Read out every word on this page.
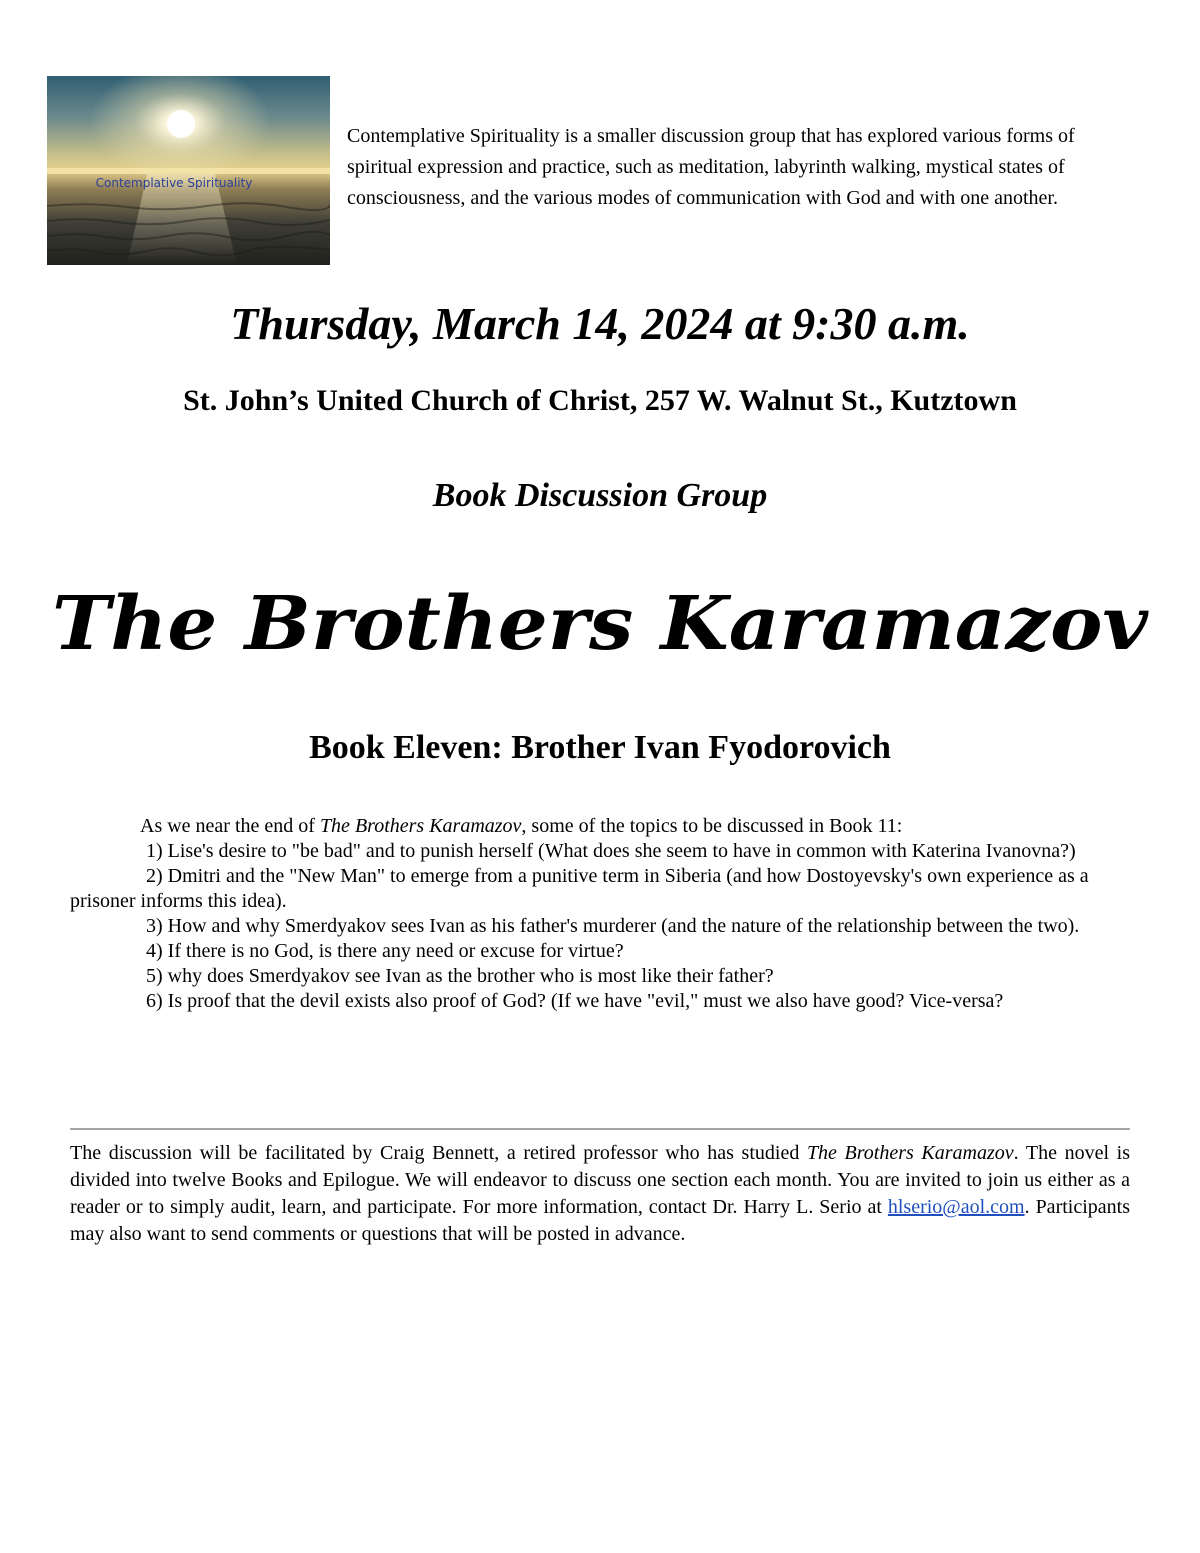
Contemplative Spirituality

Contemplative Spirituality is a smaller discussion group that has explored various forms of spiritual expression and practice, such as meditation, labyrinth walking, mystical states of consciousness, and the various modes of communication with God and with one another.

Thursday, March 14, 2024 at 9:30 a.m.
St. John’s United Church of Christ, 257 W. Walnut St., Kutztown
Book Discussion Group
The Brothers Karamazov
Book Eleven: Brother Ivan Fyodorovich

As we near the end of The Brothers Karamazov, some of the topics to be discussed in Book 11:

1) Lise's desire to "be bad" and to punish herself (What does she seem to have in common with Katerina Ivanovna?)

2) Dmitri and the "New Man" to emerge from a punitive term in Siberia (and how Dostoyevsky's own experience as a prisoner informs this idea).

3) How and why Smerdyakov sees Ivan as his father's murderer (and the nature of the relationship between the two).

4) If there is no God, is there any need or excuse for virtue?

5) why does Smerdyakov see Ivan as the brother who is most like their father?

6) Is proof that the devil exists also proof of God? (If we have "evil," must we also have good? Vice-versa?

The discussion will be facilitated by Craig Bennett, a retired professor who has studied The Brothers Karamazov. The novel is divided into twelve Books and Epilogue. We will endeavor to discuss one section each month. You are invited to join us either as a reader or to simply audit, learn, and participate. For more information, contact Dr. Harry L. Serio at hlserio@aol.com. Participants may also want to send comments or questions that will be posted in advance.
